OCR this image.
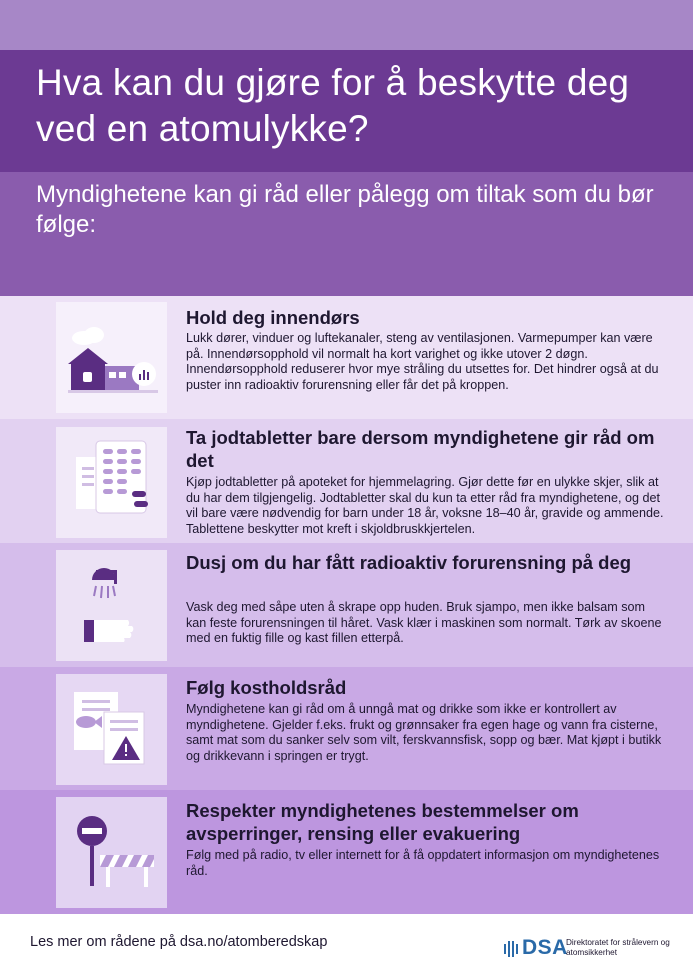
Hva kan du gjøre for å beskytte deg ved en atomulykke?
Myndighetene kan gi råd eller pålegg om tiltak som du bør følge:
Hold deg innendørs

Lukk dører, vinduer og luftekanaler, steng av ventilasjonen. Varmepumper kan være på. Innendørsopphold vil normalt ha kort varighet og ikke utover 2 døgn. Innendørsopphold reduserer hvor mye stråling du utsettes for. Det hindrer også at du puster inn radioaktiv forurensning eller får det på kroppen.

Ta jodtabletter bare dersom myndighetene gir råd om det

Kjøp jodtabletter på apoteket for hjemmelagring. Gjør dette før en ulykke skjer, slik at du har dem tilgjengelig. Jodtabletter skal du kun ta etter råd fra myndighetene, og det vil bare være nødvendig for barn under 18 år, voksne 18–40 år, gravide og ammende. Tablettene beskytter mot kreft i skjoldbruskkjertelen.

Dusj om du har fått radioaktiv forurensning på deg

Vask deg med såpe uten å skrape opp huden. Bruk sjampo, men ikke balsam som kan feste forurensningen til håret. Vask klær i maskinen som normalt. Tørk av skoene med en fuktig fille og kast fillen etterpå.

Følg kostholdsråd

Myndighetene kan gi råd om å unngå mat og drikke som ikke er kontrollert av myndighetene. Gjelder f.eks. frukt og grønnsaker fra egen hage og vann fra cisterne, samt mat som du sanker selv som vilt, ferskvannsfisk, sopp og bær. Mat kjøpt i butikk og drikkevann i springen er trygt.

Respekter myndighetenes bestemmelser om avsperringer, rensing eller evakuering

Følg med på radio, tv eller internett for å få oppdatert informasjon om myndighetenes råd.

Les mer om rådene på dsa.no/atomberedskap	DSA
Direktoratet for strålevern og atomsikkerhet
